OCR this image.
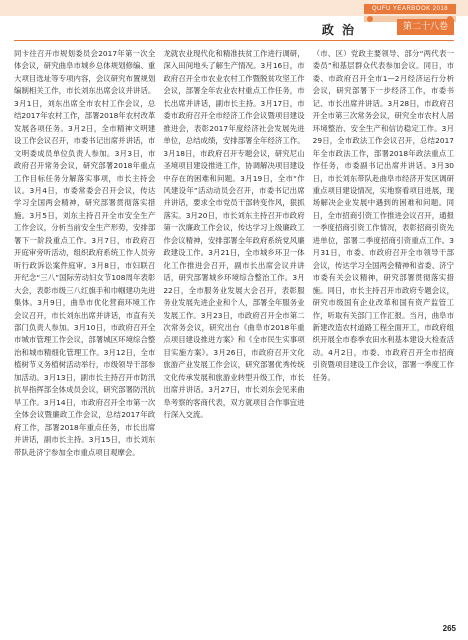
QUFU YEARBOOK 2018
政 治	第二十八卷
同卡往召开市规划委员会2017年第一次全体会议，研究曲阜市城乡总体规划修编、重大项目选址等专项内容，会议研究布置规划编制相关工作，市长刘东出席会议并讲话。3月1日，刘东出席全市农村工作会议，总结2017年农村工作，部署2018年农村改革发展各项任务。3月2日，全市精神文明建设工作会议召开，市委书记出席并讲话，市文明委成员单位负责人参加。3月3日，市政府召开常务会议，研究部署2018年重点工作目标任务分解落实事项，市长主持会议。3月4日，市委常委会召开会议，传达学习全国两会精神，研究部署贯彻落实措施。3月5日，刘东主持召开全市安全生产工作会议，分析当前安全生产形势，安排部署下一阶段重点工作。3月7日，市政府召开庭审旁听活动，组织政府系统工作人员旁听行政诉讼案件庭审。3月8日，市妇联召开纪念“三八”国际劳动妇女节108周年表彰大会，表彰市级三八红旗手和巾帼建功先进集体。3月9日，曲阜市优化营商环境工作会议召开，市长刘东出席并讲话，市直有关部门负责人参加。3月10日，市政府召开全市城市管理工作会议，部署城区环境综合整治和城市精细化管理工作。3月12日，全市植树节义务植树活动举行，市级领导干部参加活动。3月13日，副市长主持召开市防汛抗旱指挥部全体成员会议，研究部署防汛抗旱工作。3月14日，市政府召开全市第一次全体会议暨廉政工作会议，总结2017年政府工作，部署2018年重点任务，市长出席并讲话，副市长主持。3月15日，市长刘东带队赴济宁参加全市重点项目观摩会。
龙就农业现代化和精准扶贫工作进行调研，深入田间地头了解生产情况。3月16日，市政府召开全市农业农村工作暨脱贫攻坚工作会议，部署全年农业农村重点工作任务，市长出席并讲话，副市长主持。3月17日，市委市政府召开全市经济工作会议暨项目建设推进会，表彰2017年度经济社会发展先进单位，总结成绩，安排部署全年经济工作。3月18日，市政府召开专题会议，研究尼山圣境项目建设推进工作，协调解决项目建设中存在的困难和问题。3月19日，全市“作风建设年”活动动员会召开，市委书记出席并讲话，要求全市党员干部转变作风，狠抓落实。3月20日，市长刘东主持召开市政府第一次廉政工作会议，传达学习上级廉政工作会议精神，安排部署全年政府系统党风廉政建设工作。3月21日，全市城乡环卫一体化工作推进会召开，副市长出席会议并讲话，研究部署城乡环境综合整治工作。3月22日，全市服务业发展大会召开，表彰服务业发展先进企业和个人，部署全年服务业发展工作。3月23日，市政府召开全市第二次常务会议，研究出台《曲阜市2018年重点项目建设推进方案》和《全市民生实事项目实施方案》。3月26日，市政府召开文化旅游产业发展工作会议，研究部署优秀传统文化传承发展和旅游业转型升级工作，市长出席并讲话。3月27日，市长刘东会见来曲阜考察的客商代表，双方就项目合作事宜进行深入交流。
（市、区）党政主要领导、部分“两代表一委员”和基层群众代表参加会议。同日，市委、市政府召开全市1—2月经济运行分析会议，研究部署下一步经济工作，市委书记、市长出席并讲话。3月28日，市政府召开全市第三次常务会议，研究全市农村人居环境整治、安全生产和信访稳定工作。3月29日，全市政法工作会议召开，总结2017年全市政法工作，部署2018年政法重点工作任务，市委副书记出席并讲话。3月30日，市长刘东带队赴曲阜市经济开发区调研重点项目建设情况，实地察看项目进展，现场解决企业发展中遇到的困难和问题。同日，全市招商引资工作推进会议召开，通报一季度招商引资工作情况，表彰招商引资先进单位，部署二季度招商引资重点工作。3月31日，市委、市政府召开全市领导干部会议，传达学习全国两会精神和省委、济宁市委有关会议精神，研究部署贯彻落实措施。同日，市长主持召开市政府专题会议，研究市级国有企业改革和国有资产监管工作，听取有关部门工作汇报。当月，曲阜市新建改造农村道路工程全面开工，市政府组织开展全市春季农田水利基本建设大检查活动。4月2日，市委、市政府召开全市招商引资暨项目建设工作会议，部署一季度工作任务。
265
